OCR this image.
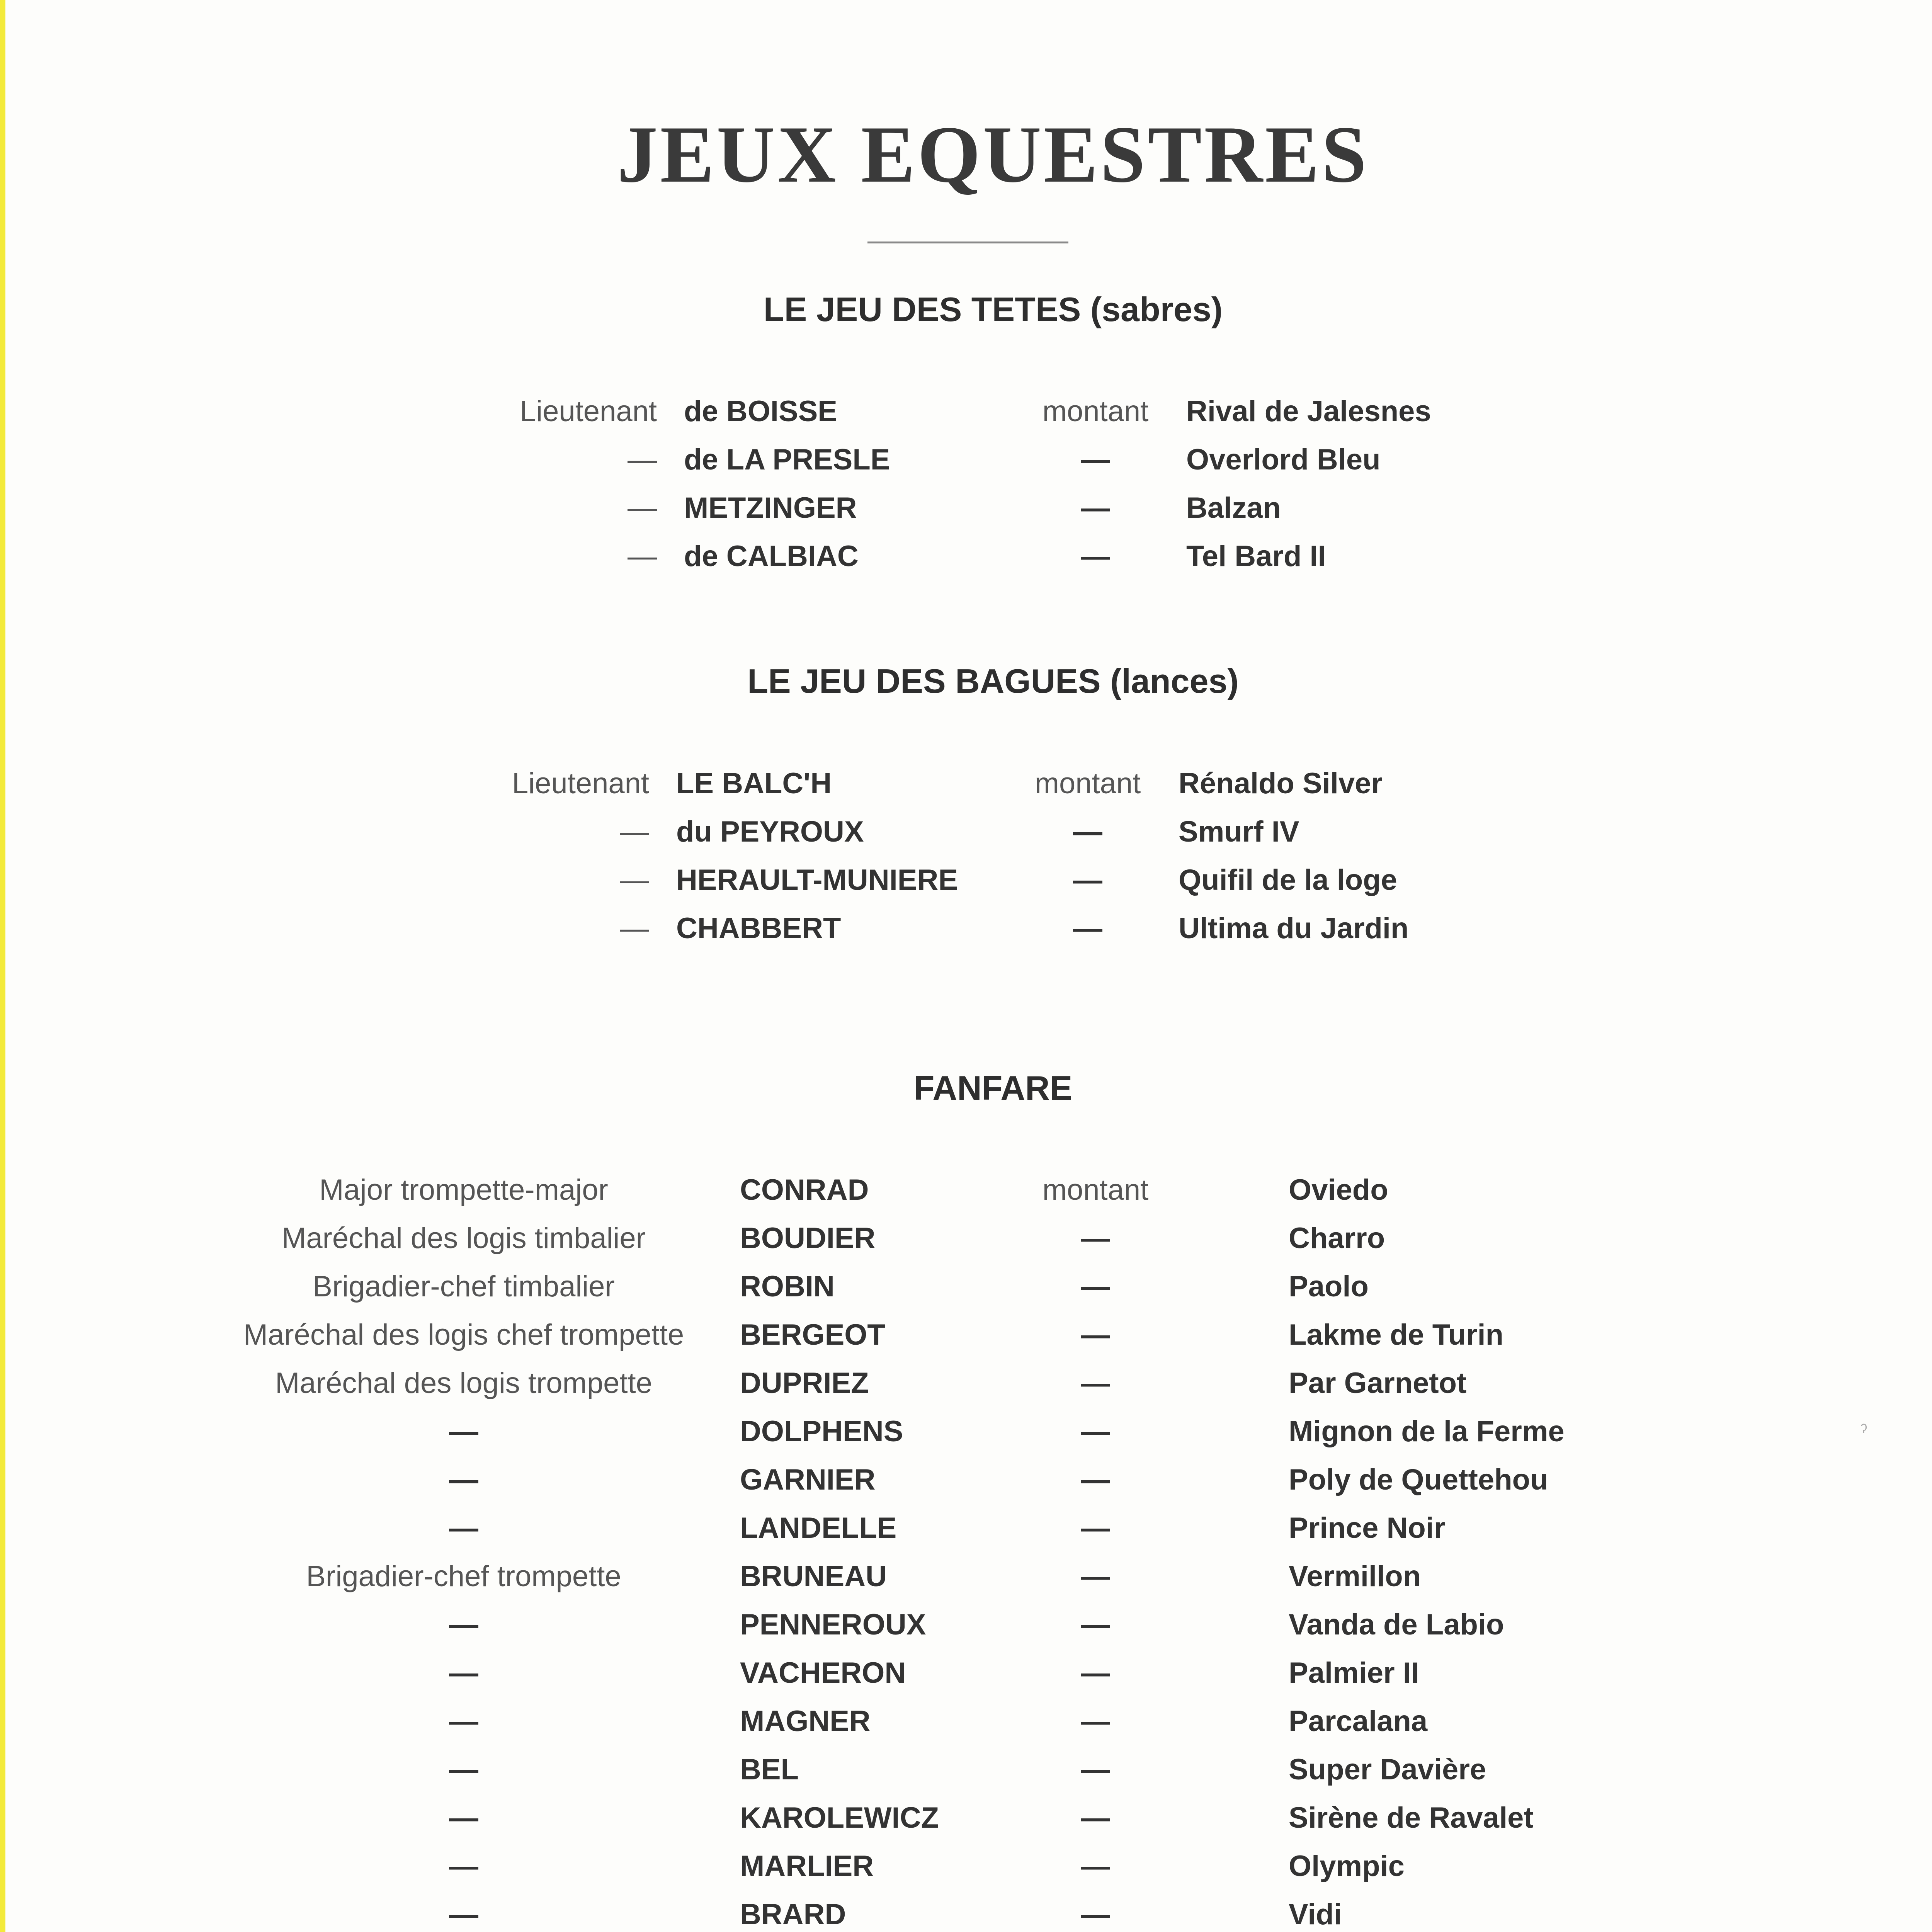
JEUX EQUESTRES
LE JEU DES TETES (sabres)
Lieutenant de BOISSE	montant	Rival de Jalesnes
— de LA PRESLE	—	Overlord Bleu
— METZINGER	—	Balzan
— de CALBIAC	—	Tel Bard II
LE JEU DES BAGUES (lances)
Lieutenant LE BALC'H	montant	Rénaldo Silver
— du PEYROUX	—	Smurf IV
— HERAULT-MUNIERE	—	Quifil de la loge
— CHABBERT	—	Ultima du Jardin
FANFARE
Major trompette-major	CONRAD	montant	Oviedo
Maréchal des logis timbalier	BOUDIER	—	Charro
Brigadier-chef timbalier	ROBIN	—	Paolo
Maréchal des logis chef trompette	BERGEOT	—	Lakme de Turin
Maréchal des logis trompette	DUPRIEZ	—	Par Garnetot
—	DOLPHENS	—	Mignon de la Ferme
—	GARNIER	—	Poly de Quettehou
—	LANDELLE	—	Prince Noir
Brigadier-chef trompette	BRUNEAU	—	Vermillon
—	PENNEROUX	—	Vanda de Labio
—	VACHERON	—	Palmier II
—	MAGNER	—	Parcalana
—	BEL	—	Super Davière
—	KAROLEWICZ	—	Sirène de Ravalet
—	MARLIER	—	Olympic
—	BRARD	—	Vidi
ˀ
